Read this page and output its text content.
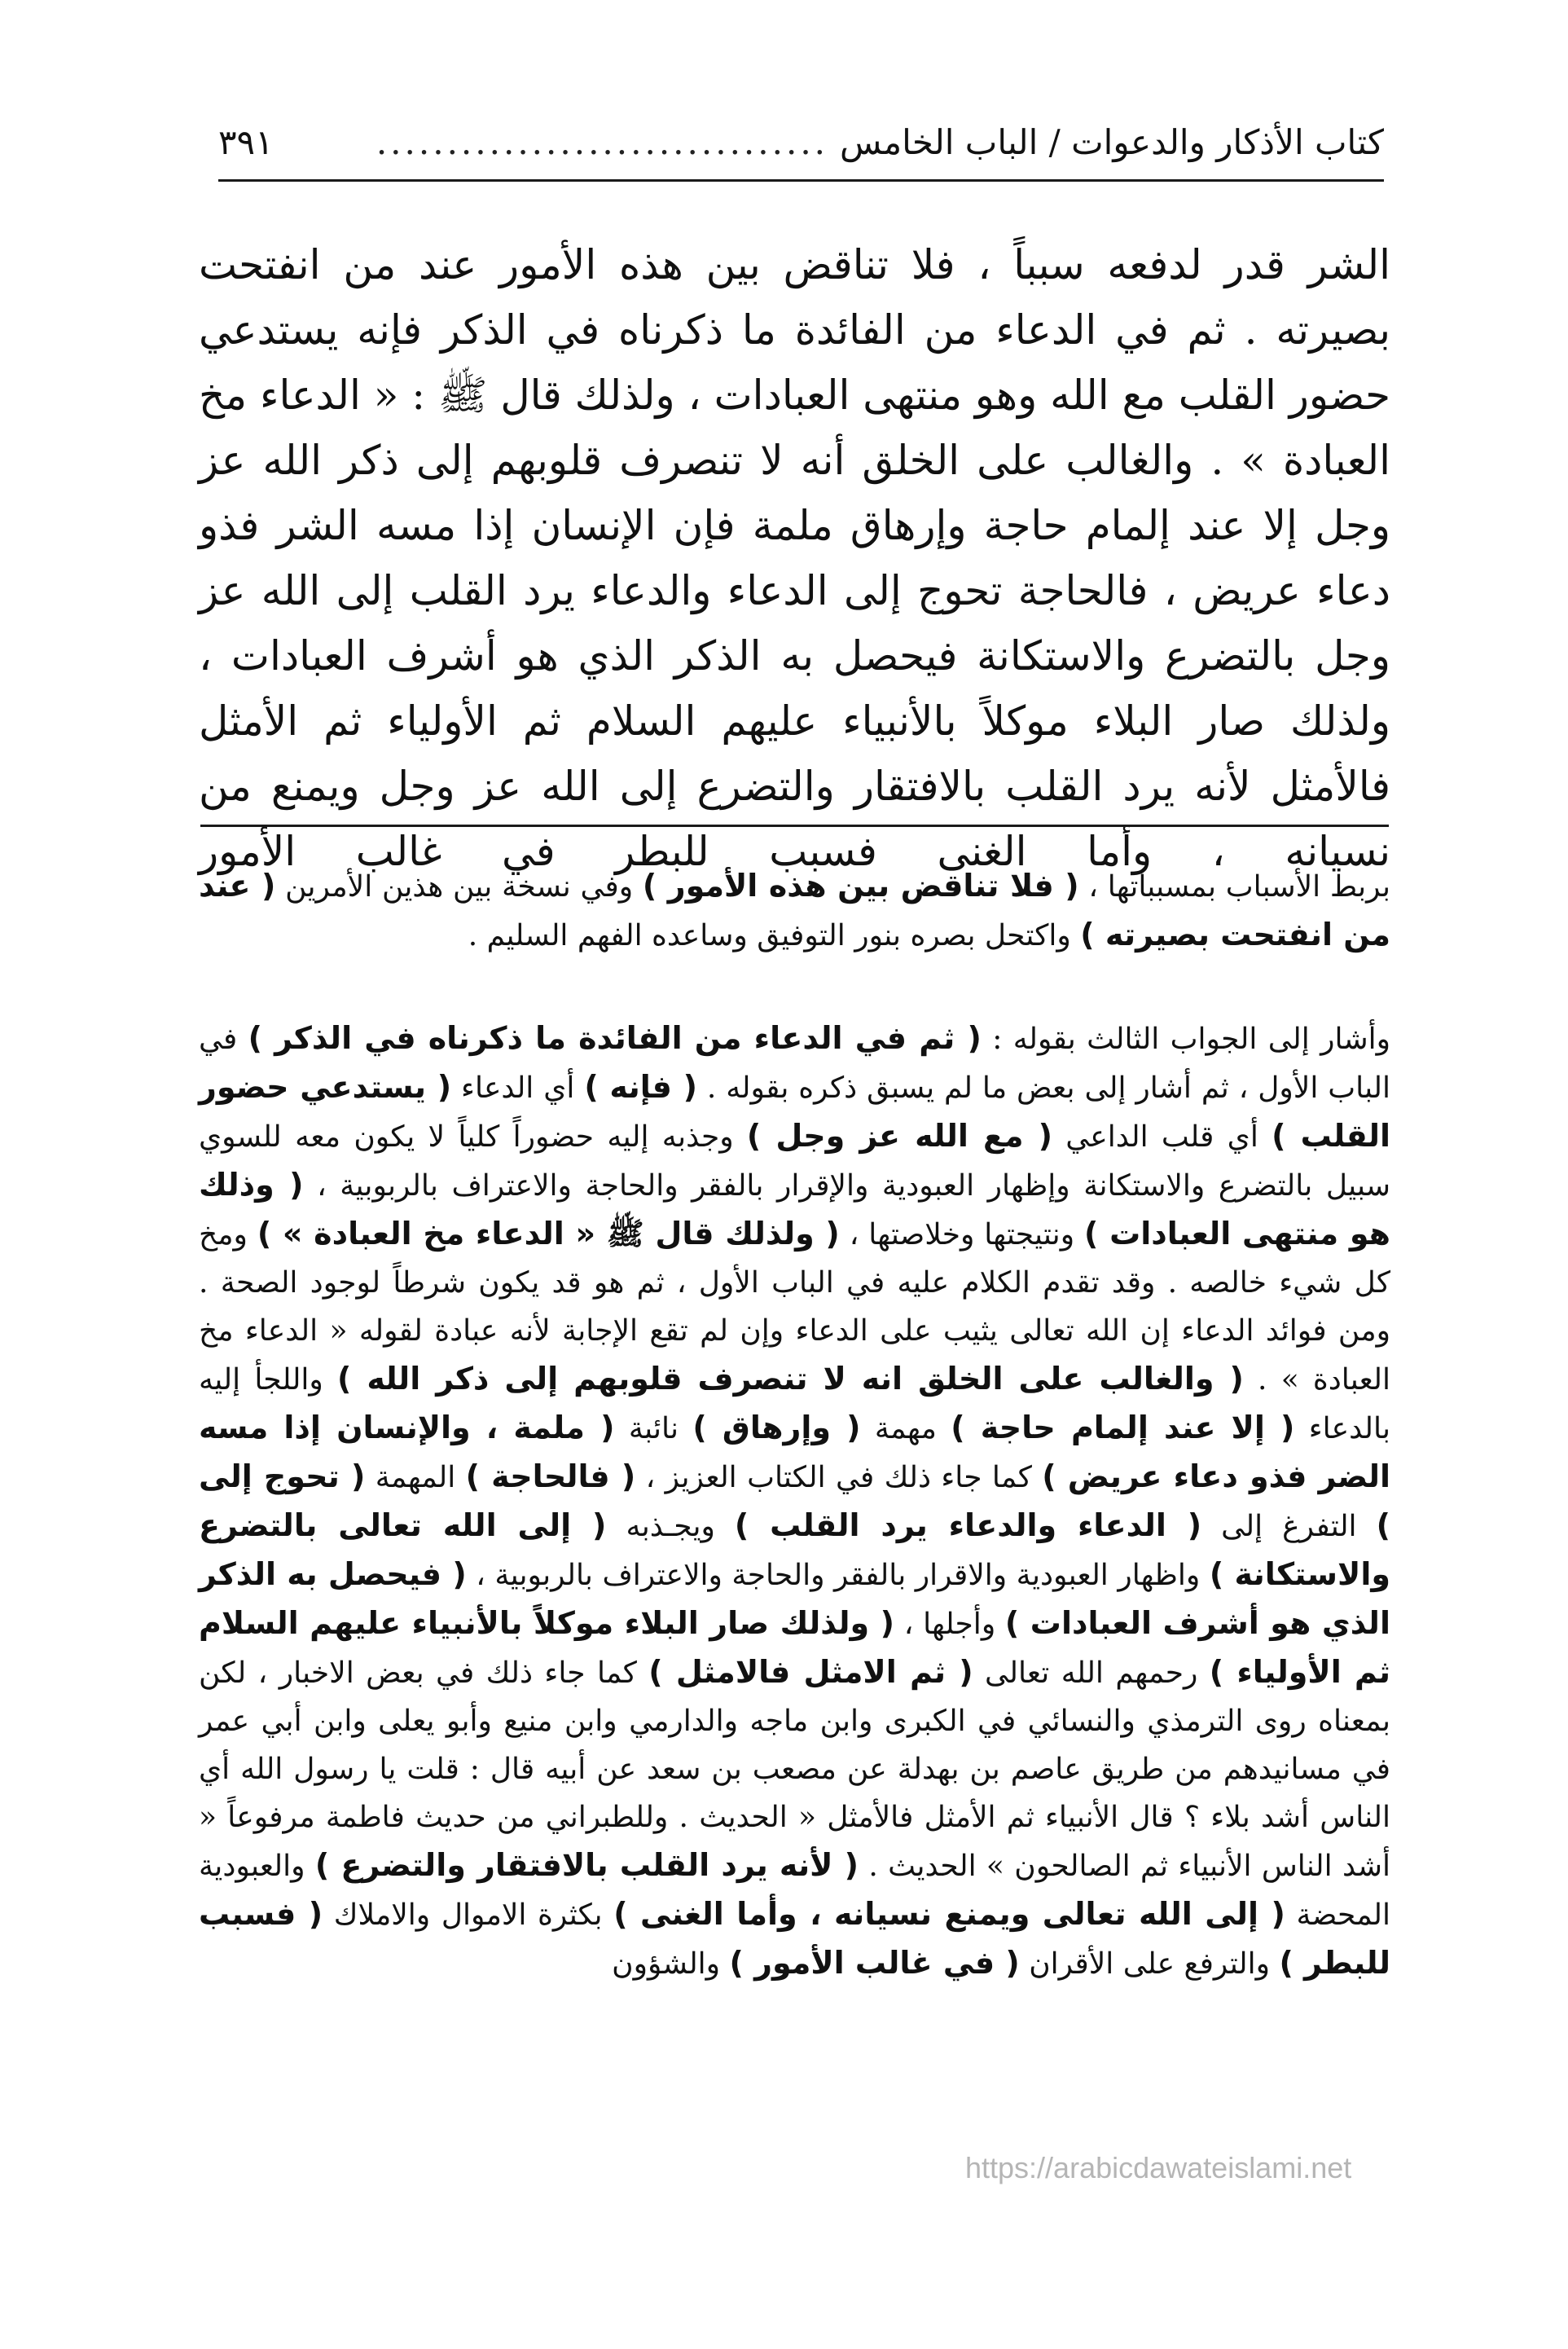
كتاب الأذكار والدعوات / الباب الخامس
................................
٣٩١

الشر قدر لدفعه سبباً ، فلا تناقض بين هذه الأمور عند من انفتحت بصيرته . ثم في الدعاء من الفائدة ما ذكرناه في الذكر فإنه يستدعي حضور القلب مع الله وهو منتهى العبادات ، ولذلك قال ﷺ : « الدعاء مخ العبادة » . والغالب على الخلق أنه لا تنصرف قلوبهم إلى ذكر الله عز وجل إلا عند إلمام حاجة وإرهاق ملمة فإن الإنسان إذا مسه الشر فذو دعاء عريض ، فالحاجة تحوج إلى الدعاء والدعاء يرد القلب إلى الله عز وجل بالتضرع والاستكانة فيحصل به الذكر الذي هو أشرف العبادات ، ولذلك صار البلاء موكلاً بالأنبياء عليهم السلام ثم الأولياء ثم الأمثل فالأمثل لأنه يرد القلب بالافتقار والتضرع إلى الله عز وجل ويمنع من نسيانه ، وأما الغنى فسبب للبطر في غالب الأمور

بربط الأسباب بمسبباتها ، ( فلا تناقض بين هذه الأمور ) وفي نسخة بين هذين الأمرين ( عند من انفتحت بصيرته ) واكتحل بصره بنور التوفيق وساعده الفهم السليم .

وأشار إلى الجواب الثالث بقوله : ( ثم في الدعاء من الفائدة ما ذكرناه في الذكر ) في الباب الأول ، ثم أشار إلى بعض ما لم يسبق ذكره بقوله . ( فإنه ) أي الدعاء ( يستدعي حضور القلب ) أي قلب الداعي ( مع الله عز وجل ) وجذبه إليه حضوراً كلياً لا يكون معه للسوي سبيل بالتضرع والاستكانة وإظهار العبودية والإقرار بالفقر والحاجة والاعتراف بالربوبية ، ( وذلك هو منتهى العبادات ) ونتيجتها وخلاصتها ، ( ولذلك قال ﷺ « الدعاء مخ العبادة » ) ومخ كل شيء خالصه . وقد تقدم الكلام عليه في الباب الأول ، ثم هو قد يكون شرطاً لوجود الصحة . ومن فوائد الدعاء إن الله تعالى يثيب على الدعاء وإن لم تقع الإجابة لأنه عبادة لقوله « الدعاء مخ العبادة » . ( والغالب على الخلق انه لا تنصرف قلوبهم إلى ذكر الله ) واللجأ إليه بالدعاء ( إلا عند إلمام حاجة ) مهمة ( وإرهاق ) نائبة ( ملمة ، والإنسان إذا مسه الضر فذو دعاء عريض ) كما جاء ذلك في الكتاب العزيز ، ( فالحاجة ) المهمة ( تحوج إلى ) التفرغ إلى ( الدعاء والدعاء يرد القلب ) ويجـذبه ( إلى الله تعالى بالتضرع والاستكانة ) واظهار العبودية والاقرار بالفقر والحاجة والاعتراف بالربوبية ، ( فيحصل به الذكر الذي هو أشرف العبادات ) وأجلها ، ( ولذلك صار البلاء موكلاً بالأنبياء عليهم السلام ثم الأولياء ) رحمهم الله تعالى ( ثم الامثل فالامثل ) كما جاء ذلك في بعض الاخبار ، لكن بمعناه روى الترمذي والنسائي في الكبرى وابن ماجه والدارمي وابن منيع وأبو يعلى وابن أبي عمر في مسانيدهم من طريق عاصم بن بهدلة عن مصعب بن سعد عن أبيه قال : قلت يا رسول الله أي الناس أشد بلاء ؟ قال الأنبياء ثم الأمثل فالأمثل « الحديث . وللطبراني من حديث فاطمة مرفوعاً « أشد الناس الأنبياء ثم الصالحون » الحديث . ( لأنه يرد القلب بالافتقار والتضرع ) والعبودية المحضة ( إلى الله تعالى ويمنع نسيانه ، وأما الغنى ) بكثرة الاموال والاملاك ( فسبب للبطر ) والترفع على الأقران ( في غالب الأمور ) والشؤون

https://arabicdawateislami.net
